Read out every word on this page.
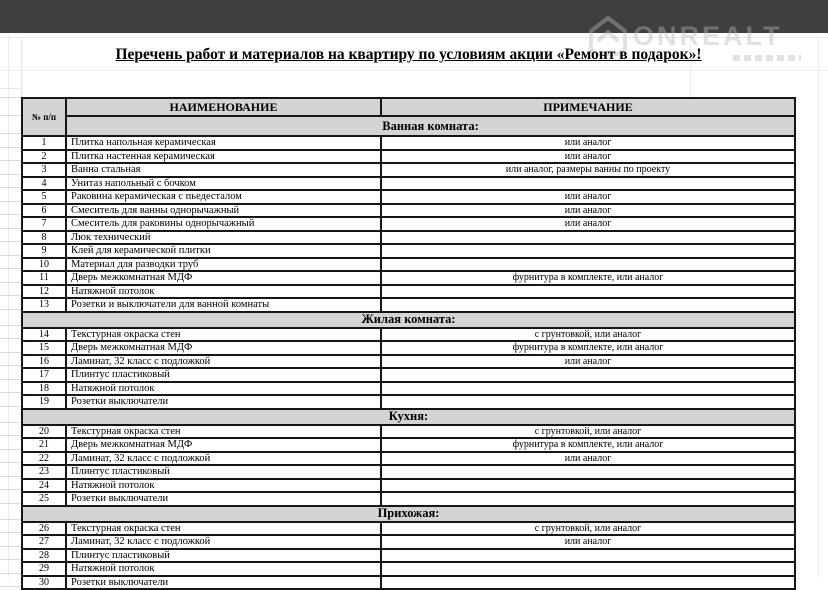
ONREALT
Перечень работ и материалов на квартиру по условиям акции «Ремонт в подарок»!
№ п/п
НАИМЕНОВАНИЕ	ПРИМЕЧАНИЕ
Ванная комната:
1	Плитка напольная керамическая	или аналог
2	Плитка настенная керамическая	или аналог
3	Ванна стальная	или аналог, размеры ванны по проекту
4	Унитаз напольный с бочком
5	Раковина керамическая с пьедесталом	или аналог
6	Смеситель для ванны однорычажный	или аналог
7	Смеситель для раковины однорычажный	или аналог
8	Люк технический
9	Клей для керамической плитки
10	Материал для разводки труб
11	Дверь межкомнатная МДФ	фурнитура в комплекте, или аналог
12	Натяжной потолок
13	Розетки и выключатели для ванной комнаты
Жилая комната:
14	Текстурная окраска стен	с грунтовкой, или аналог
15	Дверь межкомнатная МДФ	фурнитура в комплекте, или аналог
16	Ламинат, 32 класс с подложкой	или аналог
17	Плинтус пластиковый
18	Натяжной потолок
19	Розетки выключатели
Кухня:
20	Текстурная окраска стен	с грунтовкой, или аналог
21	Дверь межкомнатная МДФ	фурнитура в комплекте, или аналог
22	Ламинат, 32 класс с подложкой	или аналог
23	Плинтус пластиковый
24	Натяжной потолок
25	Розетки выключатели
Прихожая:
26	Текстурная окраска стен	с грунтовкой, или аналог
27	Ламинат, 32 класс с подложкой	или аналог
28	Плинтус пластиковый
29	Натяжной потолок
30	Розетки выключатели
